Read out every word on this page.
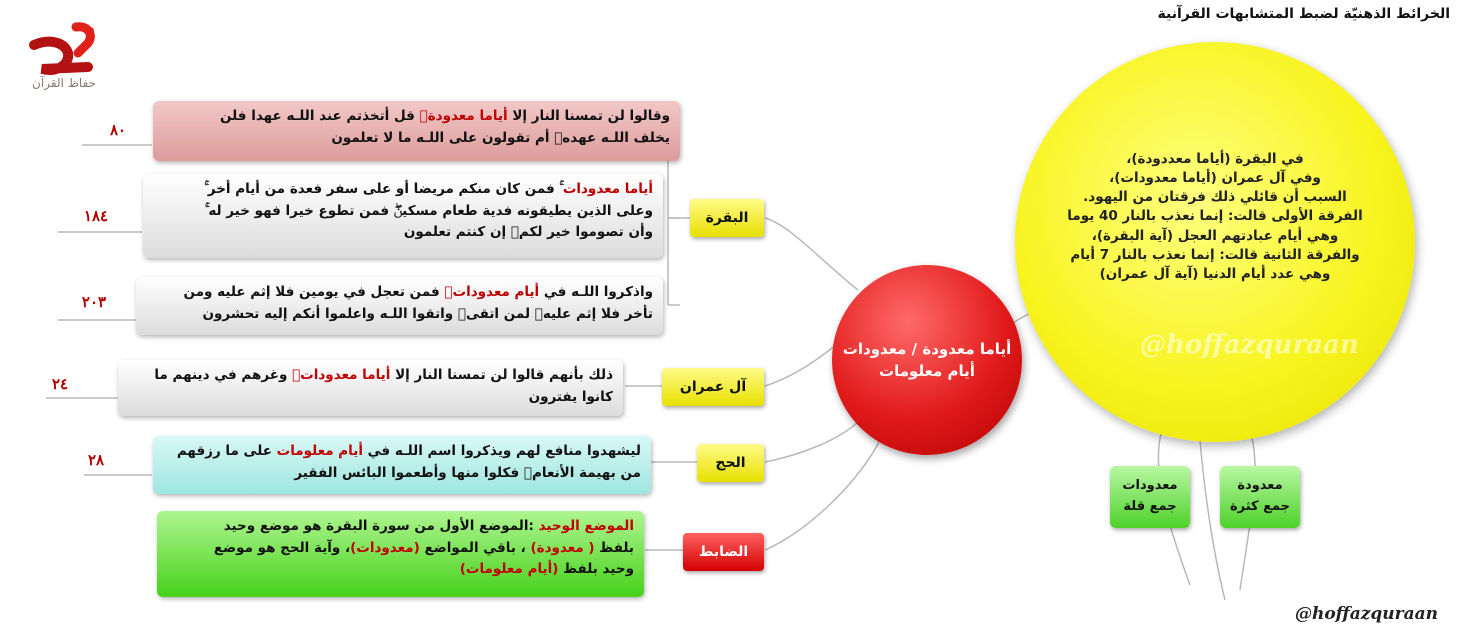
الخرائط الذهنيّة لضبط المتشابهات القرآنية
حفاظ القرآن
@hoffazquraan
في البقرة (أياما معددودة)،
وفي آل عمران (أياما معدودات)،
السبب أن قائلي ذلك فرقتان من اليهود.
الفرقة الأولى قالت: إنما نعذب بالنار 40 يوما
وهي أيام عبادتهم العجل (آية البقرة)،
والفرقة الثانية قالت: إنما نعذب بالنار 7 أيام
وهي عدد أيام الدنيا (آية آل عمران)
معدودة
جمع كثرة
معدودات
جمع قلة
أياما معدودة / معدودات
أيام معلومات
البقرة
آل عمران
الحج
الضابط
وقالوا لن تمسنا النار إلا أياما معدودةۚ قل أتخذتم عند اللـه عهدا فلن
يخلف اللـه عهدهۖ أم تقولون على اللـه ما لا تعلمون
٨٠
أياما معدودات ۚ فمن كان منكم مريضا أو على سفر فعدة من أيام أخر ۚ
وعلى الذين يطيقونه فدية طعام مسكينۖ فمن تطوع خيرا فهو خير له ۚ
وأن تصوموا خير لكمۖ إن كنتم تعلمون
١٨٤
واذكروا اللـه في أيام معدوداتۚ فمن تعجل في يومين فلا إثم عليه ومن
تأخر فلا إثم عليهۚ لمن اتقىۗ واتقوا اللـه واعلموا أنكم إليه تحشرون
٢٠٣
ذلك بأنهم قالوا لن تمسنا النار إلا أياما معدوداتۖ وغرهم في دينهم ما
كانوا يفترون
٢٤
ليشهدوا منافع لهم ويذكروا اسم اللـه في أيام معلومات على ما رزقهم
من بهيمة الأنعامۖ فكلوا منها وأطعموا البائس الفقير
٢٨
الموضع الوحيد :الموضع الأول من سورة البقرة هو موضع وحيد
بلفظ ( معدودة) ، باقي المواضع (معدودات)، وآية الحج هو موضع
وحيد بلفظ (أيام معلومات)
@hoffazquraan
